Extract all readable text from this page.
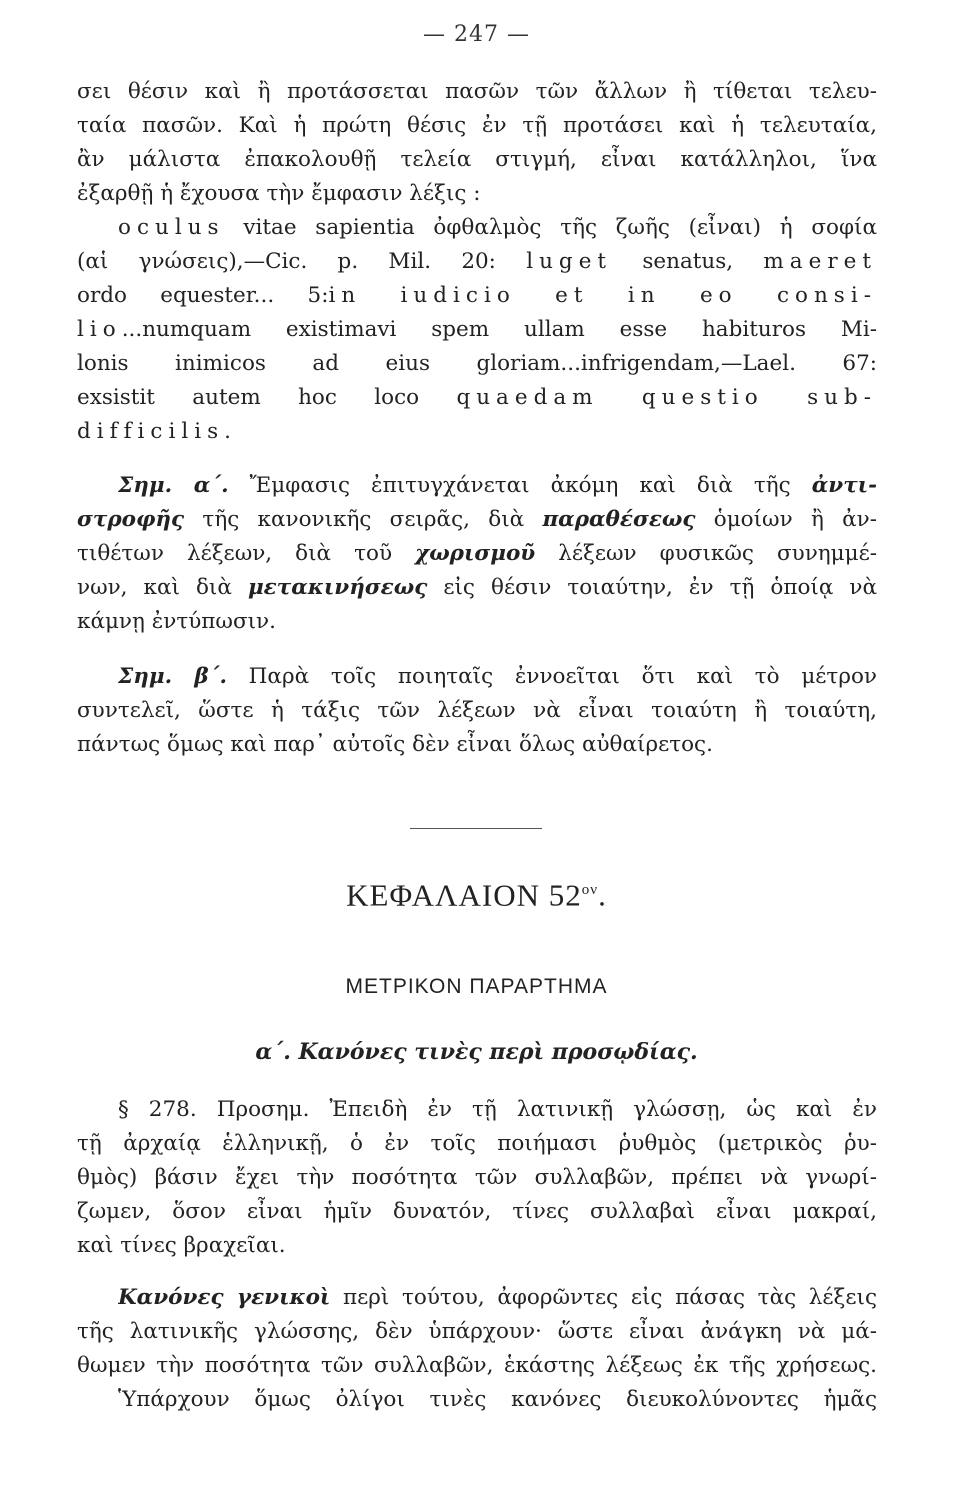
— 247 —
σει θέσιν καὶ ἢ προτάσσεται πασῶν τῶν ἄλλων ἢ τίθεται τελευ-
ταία πασῶν. Καὶ ἡ πρώτη θέσις ἐν τῇ προτάσει καὶ ἡ τελευταία,
ἂν μάλιστα ἐπακολουθῇ τελεία στιγμή, εἶναι κατάλληλοι, ἵνα
ἐξαρθῇ ἡ ἔχουσα τὴν ἔμφασιν λέξις :
oculus vitae sapientia ὀφθαλμὸς τῆς ζωῆς (εἶναι) ἡ σοφία
(αἱ γνώσεις),—Cic. p. Mil. 20: luget senatus, maeret
ordo equester... 5:in iudicio et in eo consi-
lio...numquam existimavi spem ullam esse habituros Mi-
lonis inimicos ad eius gloriam...infrigendam,—Lael. 67:
exsistit autem hoc loco quaedam questio sub-
difficilis.
Σημ. α΄. Ἔμφασις ἐπιτυγχάνεται ἀκόμη καὶ διὰ τῆς ἀντι-
στροφῆς τῆς κανονικῆς σειρᾶς, διὰ παραθέσεως ὁμοίων ἢ ἀν-
τιθέτων λέξεων, διὰ τοῦ χωρισμοῦ λέξεων φυσικῶς συνημμέ-
νων, καὶ διὰ μετακινήσεως εἰς θέσιν τοιαύτην, ἐν τῇ ὁποίᾳ νὰ
κάμνῃ ἐντύπωσιν.
Σημ. β΄. Παρὰ τοῖς ποιηταῖς ἐννοεῖται ὅτι καὶ τὸ μέτρον
συντελεῖ, ὥστε ἡ τάξις τῶν λέξεων νὰ εἶναι τοιαύτη ἢ τοιαύτη,
πάντως ὅμως καὶ παρ᾽ αὐτοῖς δὲν εἶναι ὅλως αὐθαίρετος.
ΚΕΦΑΛΑΙΟΝ $52^{o\nu}$.
ΜΕΤΡΙΚΟΝ ΠΑΡΑΡΤΗΜΑ
α΄. Κανόνες τινὲς περὶ προσῳδίας.
§ 278. Προσημ. Ἐπειδὴ ἐν τῇ λατινικῇ γλώσσῃ, ὡς καὶ ἐν
τῇ ἀρχαίᾳ ἑλληνικῇ, ὁ ἐν τοῖς ποιήμασι ῥυθμὸς (μετρικὸς ῥυ-
θμὸς) βάσιν ἔχει τὴν ποσότητα τῶν συλλαβῶν, πρέπει νὰ γνωρί-
ζωμεν, ὅσον εἶναι ἡμῖν δυνατόν, τίνες συλλαβαὶ εἶναι μακραί,
καὶ τίνες βραχεῖαι.
Κανόνες γενικοὶ περὶ τούτου, ἀφορῶντες εἰς πάσας τὰς λέξεις
τῆς λατινικῆς γλώσσης, δὲν ὑπάρχουν· ὥστε εἶναι ἀνάγκη νὰ μά-
θωμεν τὴν ποσότητα τῶν συλλαβῶν, ἑκάστης λέξεως ἐκ τῆς χρήσεως.
Ὑπάρχουν ὅμως ὀλίγοι τινὲς κανόνες διευκολύνοντες ἡμᾶς
